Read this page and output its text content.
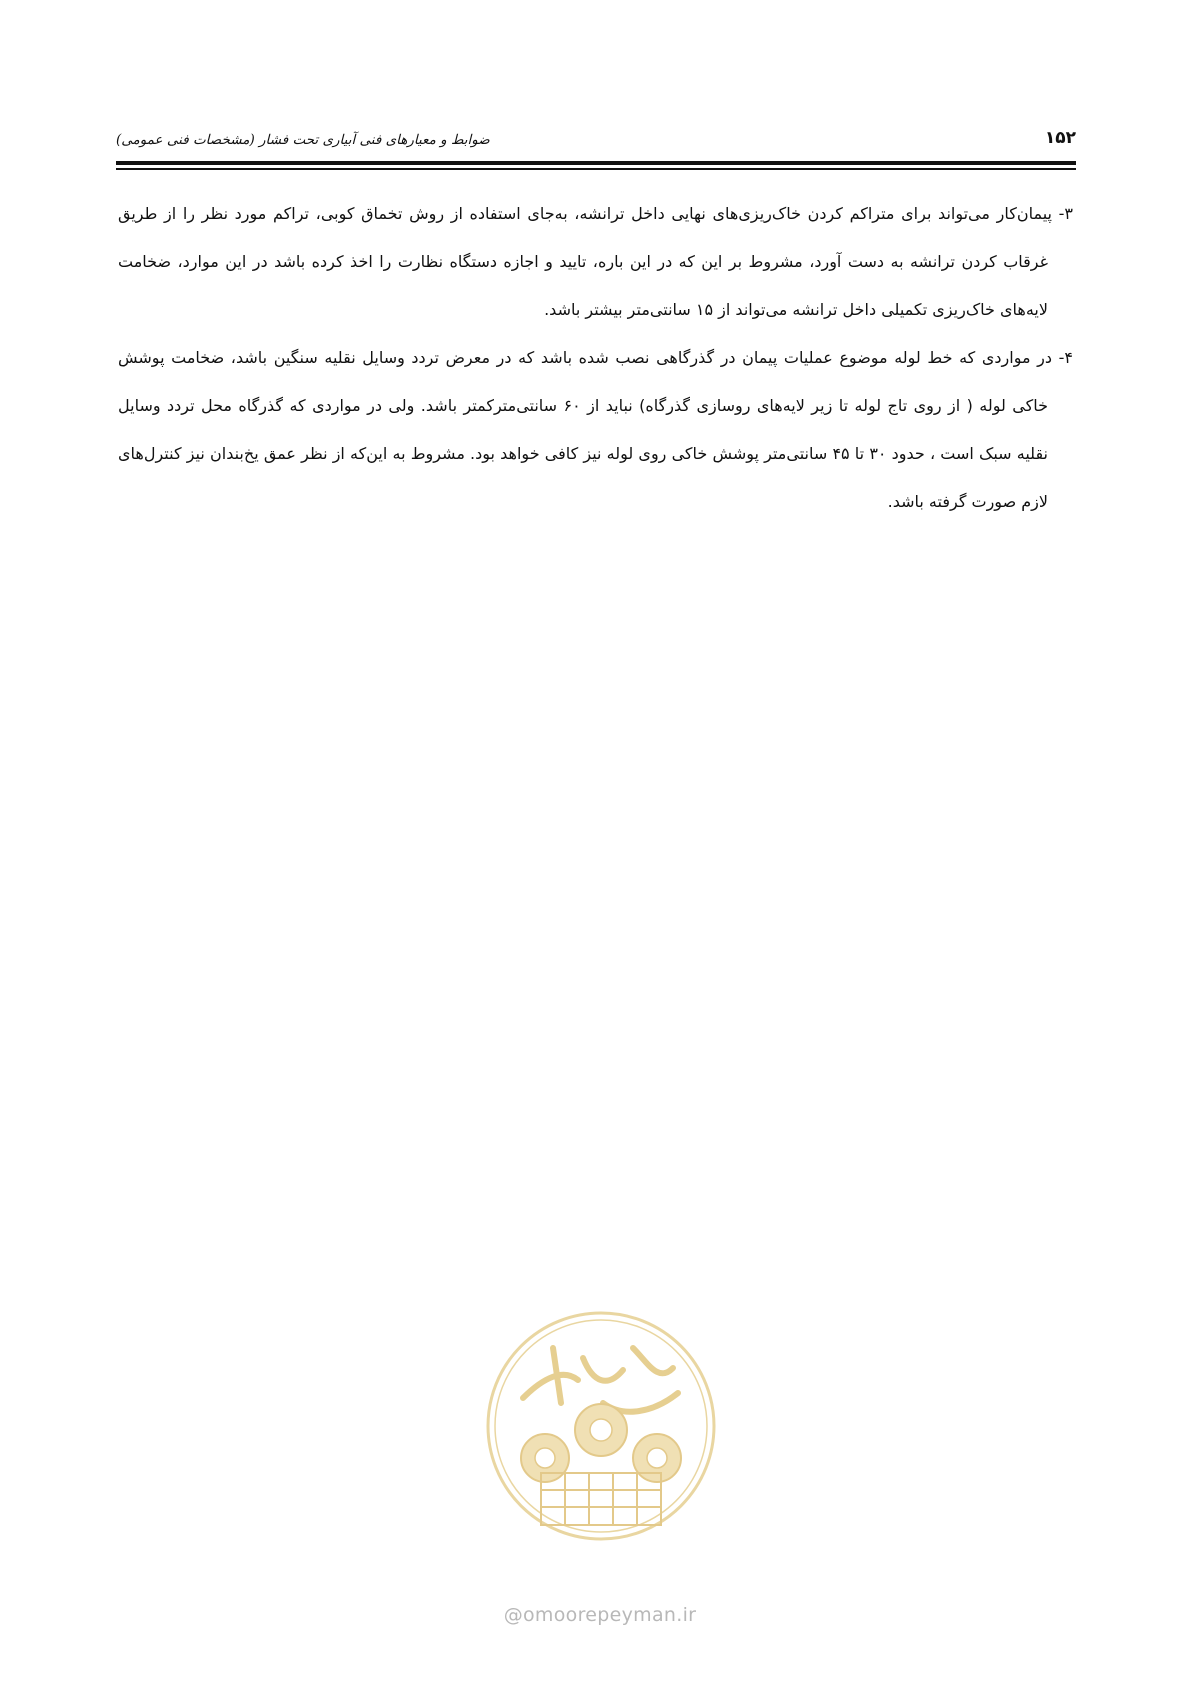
۱۵۲
ضوابط و معیارهای فنی آبیاری تحت فشار (مشخصات فنی عمومی)

۳- پیمان‌کار می‌تواند برای متراکم کردن خاک‌ریزی‌های نهایی داخل ترانشه، به‌جای استفاده از روش تخماق کوبی، تراکم مورد نظر را از طریق غرقاب کردن ترانشه به دست آورد، مشروط بر این که در این باره، تایید و اجازه دستگاه نظارت را اخذ کرده باشد در این موارد، ضخامت لایه‌های خاک‌ریزی تکمیلی داخل ترانشه می‌تواند از ۱۵ سانتی‌متر بیشتر باشد.

۴- در مواردی که خط لوله موضوع عملیات پیمان در گذرگاهی نصب شده باشد که در معرض تردد وسایل نقلیه سنگین باشد، ضخامت پوشش خاکی لوله ( از روی تاج لوله تا زیر لایه‌های روسازی گذرگاه) نباید از ۶۰ سانتی‌مترکمتر باشد. ولی در مواردی که گذرگاه محل تردد وسایل نقلیه سبک است ، حدود ۳۰ تا ۴۵ سانتی‌متر پوشش خاکی روی لوله نیز کافی خواهد بود. مشروط به این‌که از نظر عمق یخ‌بندان نیز کنترل‌های لازم صورت گرفته باشد.

@omoorepeyman.ir
